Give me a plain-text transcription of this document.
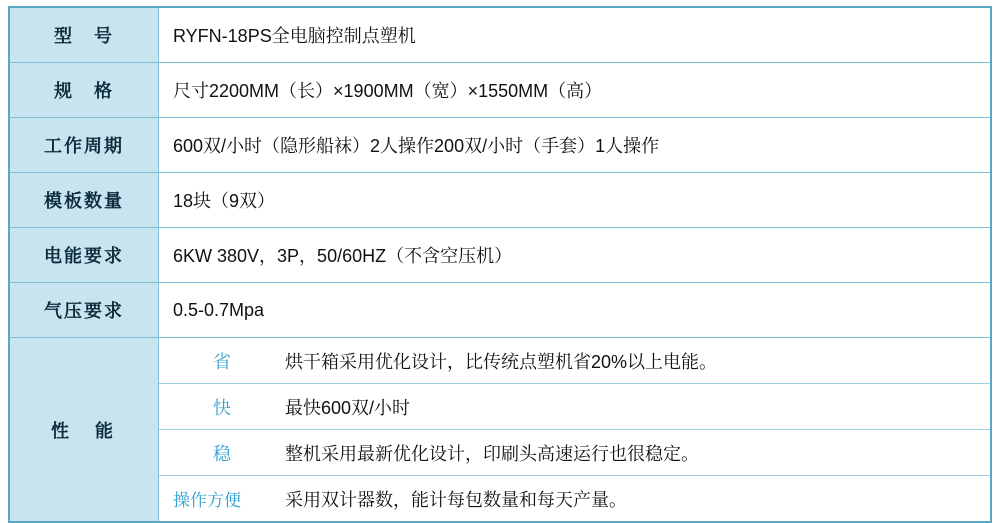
型　号	RYFN-18PS全电脑控制点塑机
规　格	尺寸2200MM（长）×1900MM（宽）×1550MM（高）
工作周期	600双/小时（隐形船袜）2人操作200双/小时（手套）1人操作
模板数量	18块（9双）
电能要求	6KW 380V，3P，50/60HZ（不含空压机）
气压要求	0.5-0.7Mpa
性　能	
省	烘干箱采用优化设计，比传统点塑机省20%以上电能。
快	最快600双/小时
稳	整机采用最新优化设计，印刷头高速运行也很稳定。
操作方便	采用双计器数，能计每包数量和每天产量。
